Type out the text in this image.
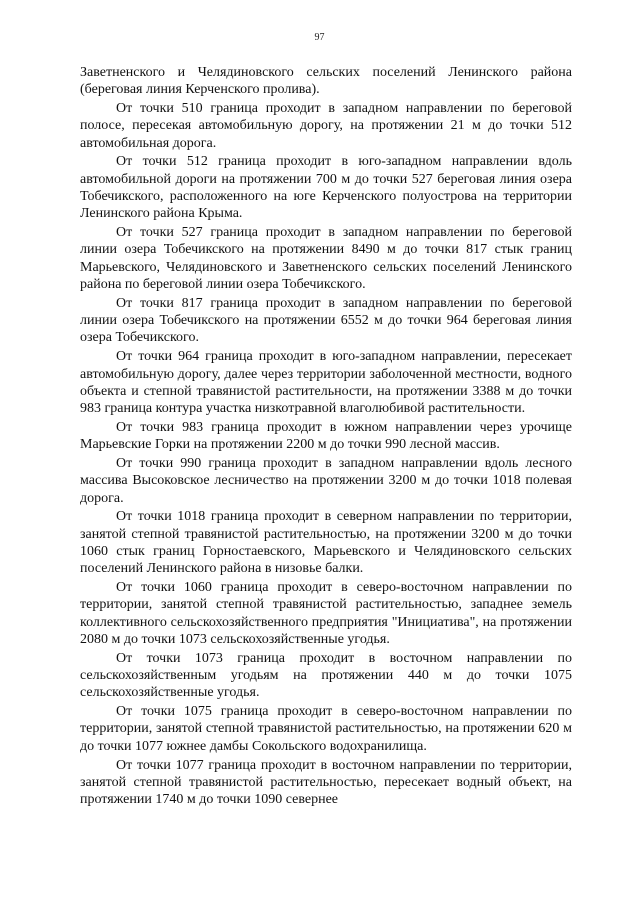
97

Заветненского и Челядиновского сельских поселений Ленинского района (береговая линия Керченского пролива).

От точки 510 граница проходит в западном направлении по береговой полосе, пересекая автомобильную дорогу, на протяжении 21 м до точки 512 автомобильная дорога.

От точки 512 граница проходит в юго-западном направлении вдоль автомобильной дороги на протяжении 700 м до точки 527 береговая линия озера Тобечикского, расположенного на юге Керченского полуострова на территории Ленинского района Крыма.

От точки 527 граница проходит в западном направлении по береговой линии озера Тобечикского на протяжении 8490 м до точки 817 стык границ Марьевского, Челядиновского и Заветненского сельских поселений Ленинского района по береговой линии озера Тобечикского.

От точки 817 граница проходит в западном направлении по береговой линии озера Тобечикского на протяжении 6552 м до точки 964 береговая линия озера Тобечикского.

От точки 964 граница проходит в юго-западном направлении, пересекает автомобильную дорогу, далее через территории заболоченной местности, водного объекта и степной травянистой растительности, на протяжении 3388 м до точки 983 граница контура участка низкотравной влаголюбивой растительности.

От точки 983 граница проходит в южном направлении через урочище Марьевские Горки на протяжении 2200 м до точки 990 лесной массив.

От точки 990 граница проходит в западном направлении вдоль лесного массива Высоковское лесничество на протяжении 3200 м до точки 1018 полевая дорога.

От точки 1018 граница проходит в северном направлении по территории, занятой степной травянистой растительностью, на протяжении 3200 м до точки 1060 стык границ Горностаевского, Марьевского и Челядиновского сельских поселений Ленинского района в низовье балки.

От точки 1060 граница проходит в северо-восточном направлении по территории, занятой степной травянистой растительностью, западнее земель коллективного сельскохозяйственного предприятия "Инициатива", на протяжении 2080 м до точки 1073 сельскохозяйственные угодья.

От точки 1073 граница проходит в восточном направлении по сельскохозяйственным угодьям на протяжении 440 м до точки 1075 сельскохозяйственные угодья.

От точки 1075 граница проходит в северо-восточном направлении по территории, занятой степной травянистой растительностью, на протяжении 620 м до точки 1077 южнее дамбы Сокольского водохранилища.

От точки 1077 граница проходит в восточном направлении по территории, занятой степной травянистой растительностью, пересекает водный объект, на протяжении 1740 м до точки 1090 севернее
